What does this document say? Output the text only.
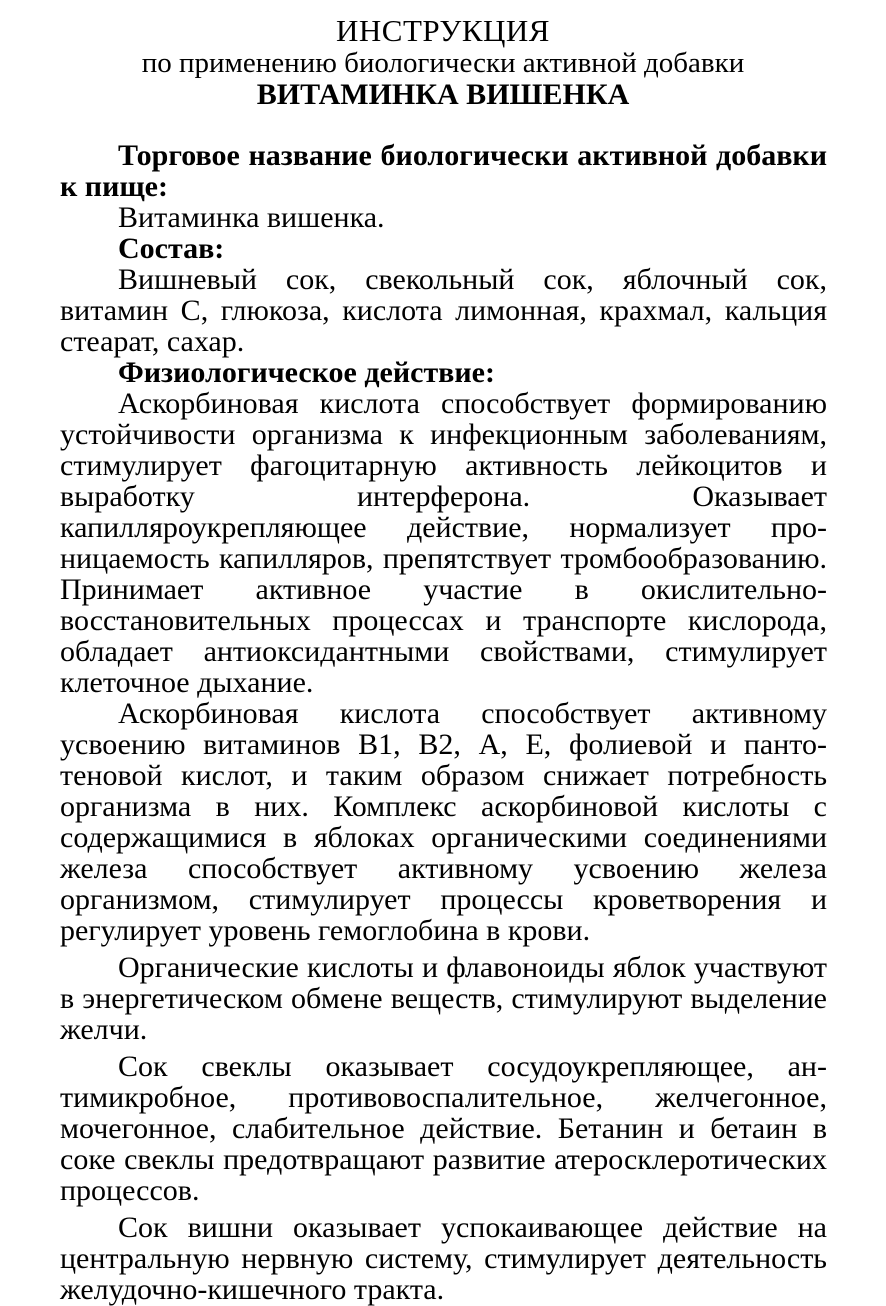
ИНСТРУКЦИЯ
по применению биологически активной добавки
ВИТАМИНКА ВИШЕНКА

Торговое название биологически активной добавки к пище:

Витаминка вишенка.

Состав:

Вишневый сок, свекольный сок, яблочный сок, витамин С, глюкоза, кислота лимонная, крахмал, кальция стеарат, сахар.

Физиологическое действие:

Аскорбиновая кислота способствует формированию устойчивости организма к инфекционным заболеваниям, стимулирует фагоцитарную активность лейкоцитов и выработку интерферона. Оказывает капилляроукрепляющее действие, нормализует проницаемость капилляров, препятствует тромбообразованию. Принимает активное участие в окислительно-восстановительных процессах и транспорте кислорода, обладает антиоксидантными свойствами, стимулирует клеточное дыхание.

Аскорбиновая кислота способствует активному усвоению витаминов В1, В2, А, Е, фолиевой и пантотеновой кислот, и таким образом снижает потребность организма в них. Комплекс аскорбиновой кислоты с содержащимися в яблоках органическими соединениями железа способствует активному усвоению железа организмом, стимулирует процессы кроветворения и регулирует уровень гемоглобина в крови.

Органические кислоты и флавоноиды яблок участвуют в энергетическом обмене веществ, стимулируют выделение желчи.

Сок свеклы оказывает сосудоукрепляющее, антимикробное, противовоспалительное, желчегонное, мочегонное, слабительное действие. Бетанин и бетаин в соке свеклы предотвращают развитие атеросклеротических процессов.

Сок вишни оказывает успокаивающее действие на центральную нервную систему, стимулирует деятельность желудочно-кишечного тракта.
